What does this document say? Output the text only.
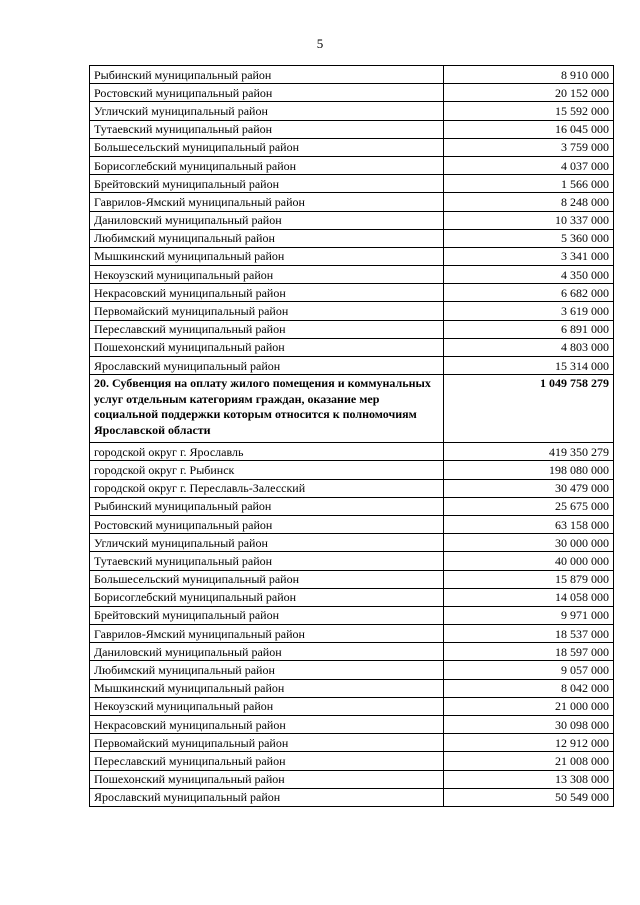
5
Рыбинский муниципальный район	8 910 000
Ростовский муниципальный район	20 152 000
Угличский муниципальный район	15 592 000
Тутаевский муниципальный район	16 045 000
Большесельский муниципальный район	3 759 000
Борисоглебский муниципальный район	4 037 000
Брейтовский муниципальный район	1 566 000
Гаврилов-Ямский муниципальный район	8 248 000
Даниловский муниципальный район	10 337 000
Любимский муниципальный район	5 360 000
Мышкинский муниципальный район	3 341 000
Некоузский муниципальный район	4 350 000
Некрасовский муниципальный район	6 682 000
Первомайский муниципальный район	3 619 000
Переславский муниципальный район	6 891 000
Пошехонский муниципальный район	4 803 000
Ярославский муниципальный район	15 314 000
20. Субвенция на оплату жилого помещения и коммунальных услуг отдельным категориям граждан, оказание мер социальной поддержки которым относится к полномочиям Ярославской области	1 049 758 279
городской округ г. Ярославль	419 350 279
городской округ г. Рыбинск	198 080 000
городской округ г. Переславль-Залесский	30 479 000
Рыбинский муниципальный район	25 675 000
Ростовский муниципальный район	63 158 000
Угличский муниципальный район	30 000 000
Тутаевский муниципальный район	40 000 000
Большесельский муниципальный район	15 879 000
Борисоглебский муниципальный район	14 058 000
Брейтовский муниципальный район	9 971 000
Гаврилов-Ямский муниципальный район	18 537 000
Даниловский муниципальный район	18 597 000
Любимский муниципальный район	9 057 000
Мышкинский муниципальный район	8 042 000
Некоузский муниципальный район	21 000 000
Некрасовский муниципальный район	30 098 000
Первомайский муниципальный район	12 912 000
Переславский муниципальный район	21 008 000
Пошехонский муниципальный район	13 308 000
Ярославский муниципальный район	50 549 000
